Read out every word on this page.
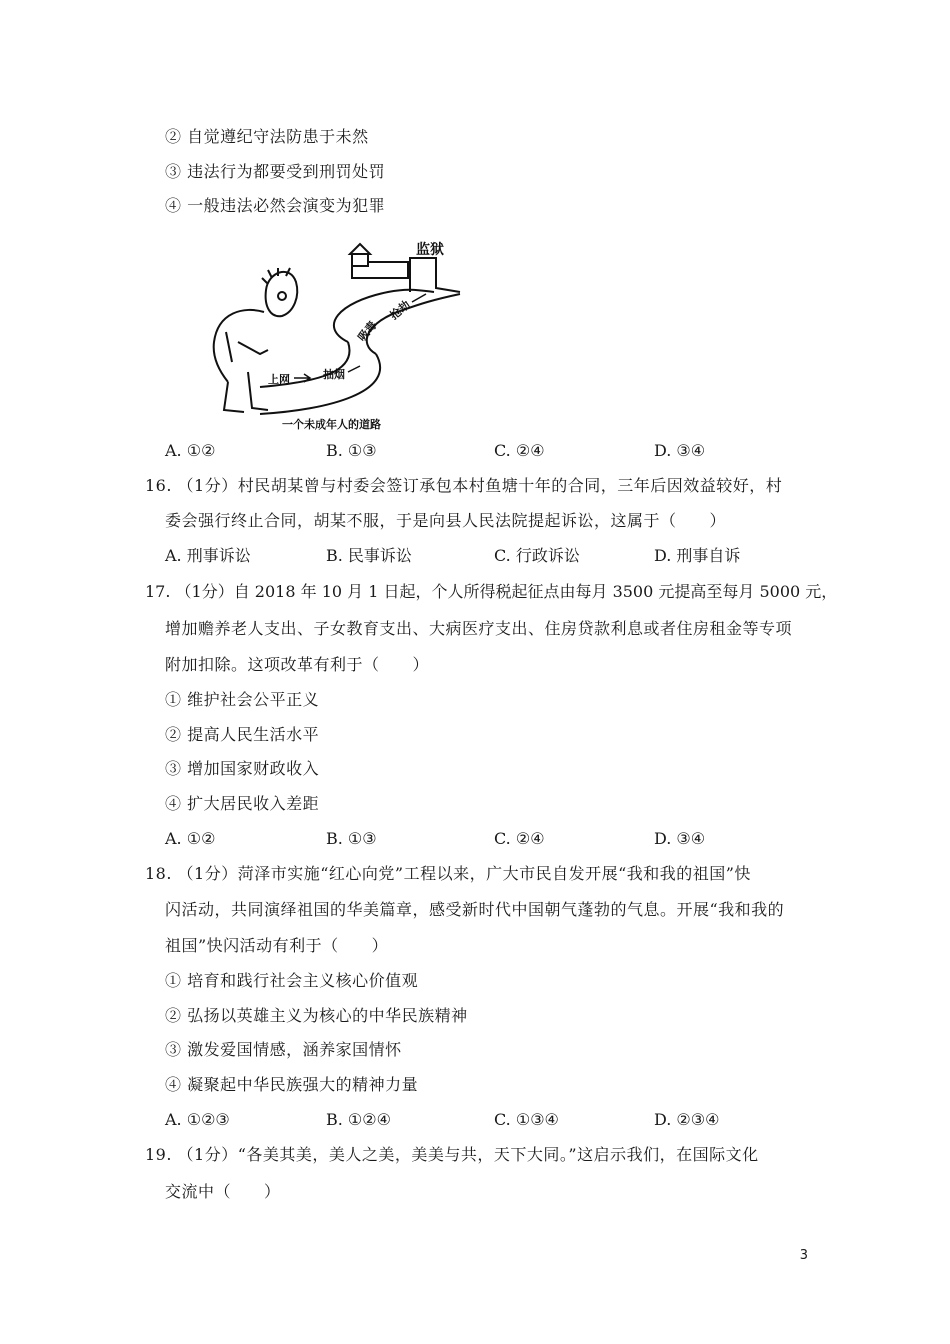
② 自觉遵纪守法防患于未然
③ 违法行为都要受到刑罚处罚
④ 一般违法必然会演变为犯罪
上网	抽烟
吸毒
抢劫
监狱
一个未成年人的道路
A. ①②	B. ①③	C. ②④	D. ③④
16. （1分）村民胡某曾与村委会签订承包本村鱼塘十年的合同，三年后因效益较好，村
委会强行终止合同，胡某不服，于是向县人民法院提起诉讼，这属于（　　）
A. 刑事诉讼	B. 民事诉讼	C. 行政诉讼	D. 刑事自诉
17. （1分）自 2018 年 10 月 1 日起，个人所得税起征点由每月 3500 元提高至每月 5000 元，
增加赡养老人支出、子女教育支出、大病医疗支出、住房贷款利息或者住房租金等专项
附加扣除。这项改革有利于（　　）
① 维护社会公平正义
② 提高人民生活水平
③ 增加国家财政收入
④ 扩大居民收入差距
A. ①②	B. ①③	C. ②④	D. ③④
18. （1分）菏泽市实施“红心向党”工程以来，广大市民自发开展“我和我的祖国”快
闪活动，共同演绎祖国的华美篇章，感受新时代中国朝气蓬勃的气息。开展“我和我的
祖国”快闪活动有利于（　　）
① 培育和践行社会主义核心价值观
② 弘扬以英雄主义为核心的中华民族精神
③ 激发爱国情感，涵养家国情怀
④ 凝聚起中华民族强大的精神力量
A. ①②③	B. ①②④	C. ①③④	D. ②③④
19. （1分）“各美其美，美人之美，美美与共，天下大同。”这启示我们，在国际文化
交流中（　　）
3
